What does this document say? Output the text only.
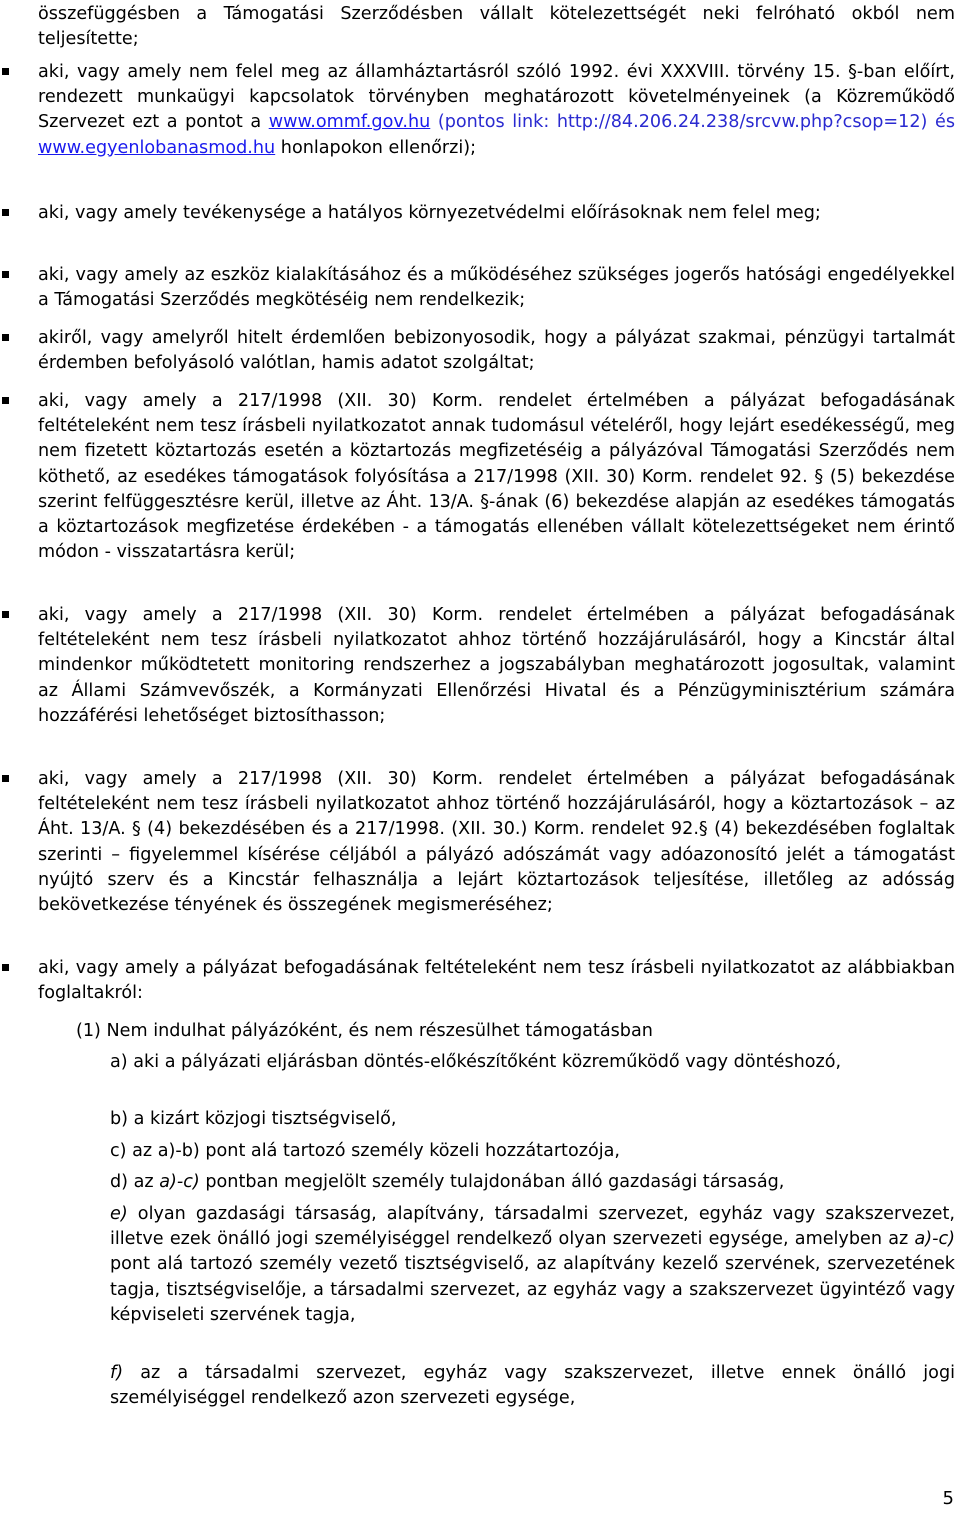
összefüggésben a Támogatási Szerződésben vállalt kötelezettségét neki felróható okból nem teljesítette;

aki, vagy amely nem felel meg az államháztartásról szóló 1992. évi XXXVIII. törvény 15. §-ban előírt, rendezett munkaügyi kapcsolatok törvényben meghatározott követelményeinek (a Közreműködő Szervezet ezt a pontot a www.ommf.gov.hu (pontos link: http://84.206.24.238/srcvw.php?csop=12) és www.egyenlobanasmod.hu honlapokon ellenőrzi);

aki, vagy amely tevékenysége a hatályos környezetvédelmi előírásoknak nem felel meg;

aki, vagy amely az eszköz kialakításához és a működéséhez szükséges jogerős hatósági engedélyekkel a Támogatási Szerződés megkötéséig nem rendelkezik;

akiről, vagy amelyről hitelt érdemlően bebizonyosodik, hogy a pályázat szakmai, pénzügyi tartalmát érdemben befolyásoló valótlan, hamis adatot szolgáltat;

aki, vagy amely a 217/1998 (XII. 30) Korm. rendelet értelmében a pályázat befogadásának feltételeként nem tesz írásbeli nyilatkozatot annak tudomásul vételéről, hogy lejárt esedékességű, meg nem fizetett köztartozás esetén a köztartozás megfizetéséig a pályázóval Támogatási Szerződés nem köthető, az esedékes támogatások folyósítása a 217/1998 (XII. 30) Korm. rendelet 92. § (5) bekezdése szerint felfüggesztésre kerül, illetve az Áht. 13/A. §-ának (6) bekezdése alapján az esedékes támogatás a köztartozások megfizetése érdekében - a támogatás ellenében vállalt kötelezettségeket nem érintő módon - visszatartásra kerül;

aki, vagy amely a 217/1998 (XII. 30) Korm. rendelet értelmében a pályázat befogadásának feltételeként nem tesz írásbeli nyilatkozatot ahhoz történő hozzájárulásáról, hogy a Kincstár által mindenkor működtetett monitoring rendszerhez a jogszabályban meghatározott jogosultak, valamint az Állami Számvevőszék, a Kormányzati Ellenőrzési Hivatal és a Pénzügyminisztérium számára hozzáférési lehetőséget biztosíthasson;

aki, vagy amely a 217/1998 (XII. 30) Korm. rendelet értelmében a pályázat befogadásának feltételeként nem tesz írásbeli nyilatkozatot ahhoz történő hozzájárulásáról, hogy a köztartozások – az Áht. 13/A. § (4) bekezdésében és a 217/1998. (XII. 30.) Korm. rendelet 92.§ (4) bekezdésében foglaltak szerinti – figyelemmel kísérése céljából a pályázó adószámát vagy adóazonosító jelét a támogatást nyújtó szerv és a Kincstár felhasználja a lejárt köztartozások teljesítése, illetőleg az adósság bekövetkezése tényének és összegének megismeréséhez;

aki, vagy amely a pályázat befogadásának feltételeként nem tesz írásbeli nyilatkozatot az alábbiakban foglaltakról:

(1) Nem indulhat pályázóként, és nem részesülhet támogatásban

a) aki a pályázati eljárásban döntés-előkészítőként közreműködő vagy döntéshozó,

b) a kizárt közjogi tisztségviselő,

c) az a)-b) pont alá tartozó személy közeli hozzátartozója,

d) az a)-c) pontban megjelölt személy tulajdonában álló gazdasági társaság,

e) olyan gazdasági társaság, alapítvány, társadalmi szervezet, egyház vagy szakszervezet, illetve ezek önálló jogi személyiséggel rendelkező olyan szervezeti egysége, amelyben az a)-c) pont alá tartozó személy vezető tisztségviselő, az alapítvány kezelő szervének, szervezetének tagja, tisztségviselője, a társadalmi szervezet, az egyház vagy a szakszervezet ügyintéző vagy képviseleti szervének tagja,

f) az a társadalmi szervezet, egyház vagy szakszervezet, illetve ennek önálló jogi személyiséggel rendelkező azon szervezeti egysége,

5
